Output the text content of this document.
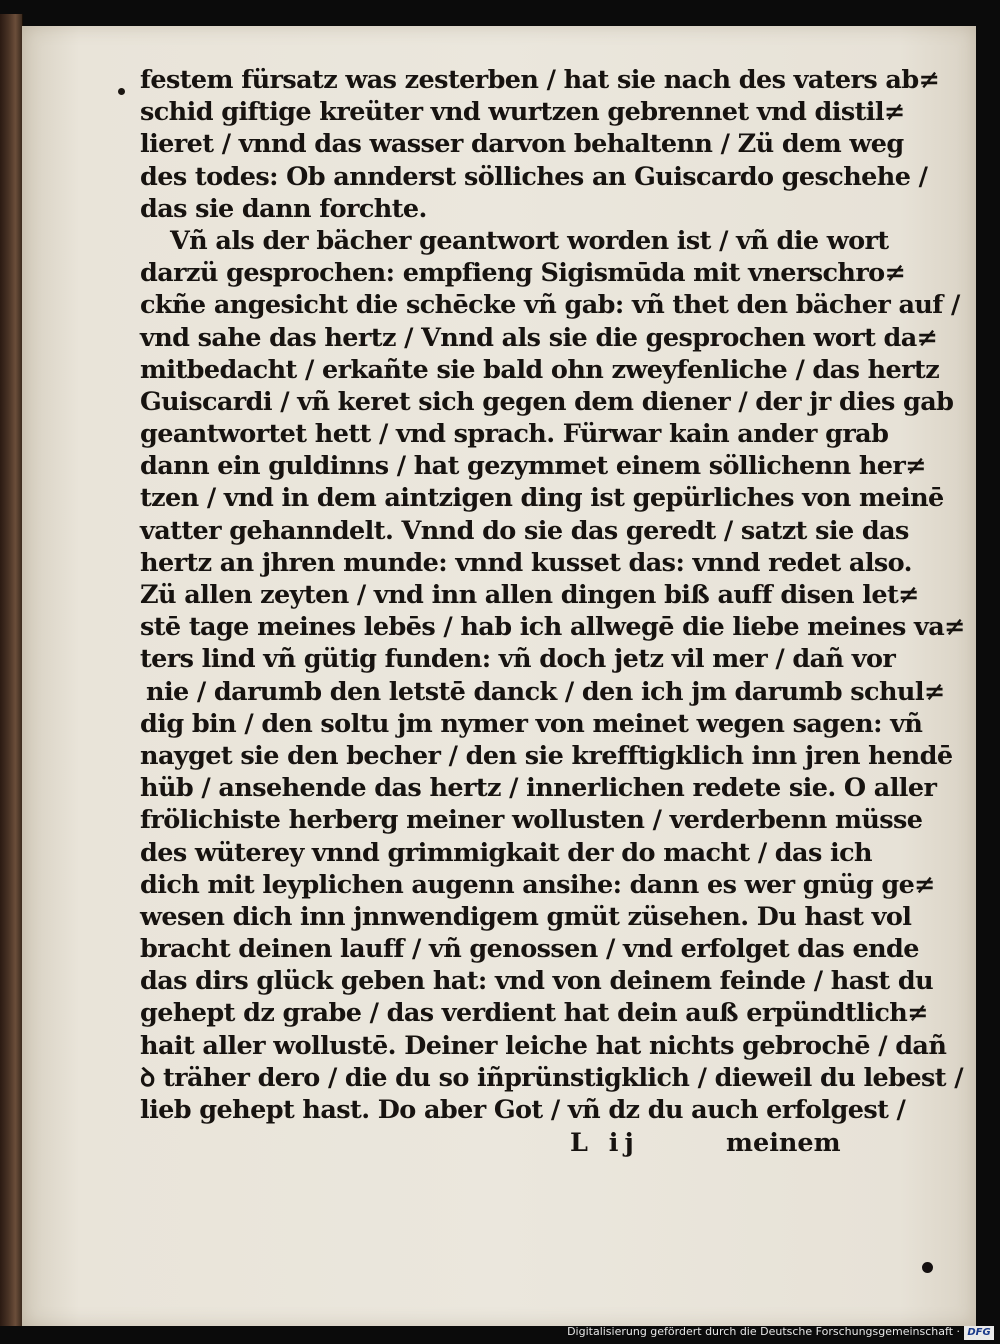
festem fürsatz was zesterben / hat sie nach des vaters ab≠
schid giftige kreüter vnd wurtzen gebrennet vnd distil≠
lieret / vnnd das wasser darvon behaltenn / Zü dem weg
des todes: Ob annderst sölliches an Guiscardo geschehe /
das sie dann forchte.
Vñ als der bächer geantwort worden ist / vñ die wort
darzü gesprochen: empfieng Sigismūda mit vnerschro≠
ckñe angesicht die schēcke vñ gab: vñ thet den bächer auf /
vnd sahe das hertz / Vnnd als sie die gesprochen wort da≠
mitbedacht / erkañte sie bald ohn zweyfenliche / das hertz
Guiscardi / vñ keret sich gegen dem diener / der jr dies gab
geantwortet hett / vnd sprach. Fürwar kain ander grab
dann ein guldinns / hat gezymmet einem söllichenn her≠
tzen / vnd in dem aintzigen ding ist gepürliches von meinē
vatter gehanndelt. Vnnd do sie das geredt / satzt sie das
hertz an jhren munde: vnnd kusset das: vnnd redet also.
Zü allen zeyten / vnd inn allen dingen biß auff disen let≠
stē tage meines lebēs / hab ich allwegē die liebe meines va≠
ters lind vñ gütig funden: vñ doch jetz vil mer / dañ vor
nie / darumb den letstē danck / den ich jm darumb schul≠
dig bin / den soltu jm nymer von meinet wegen sagen: vñ
nayget sie den becher / den sie krefftigklich inn jren hendē
hüb / ansehende das hertz / innerlichen redete sie. O aller
frölichiste herberg meiner wollusten / verderbenn müsse
des wüterey vnnd grimmigkait der do macht / das ich
dich mit leyplichen augenn ansihe: dann es wer gnüg ge≠
wesen dich inn jnnwendigem gmüt züsehen. Du hast vol
bracht deinen lauff / vñ genossen / vnd erfolget das ende
das dirs glück geben hat: vnd von deinem feinde / hast du
gehept dz grabe / das verdient hat dein auß erpündtlich≠
hait aller wollustē. Deiner leiche hat nichts gebrochē / dañ
ꝺ träher dero / die du so iñprünstigklich / dieweil du lebest /
lieb gehept hast. Do aber Got / vñ dz du auch erfolgest /
L ij	meinem
Digitalisierung gefördert durch die Deutsche Forschungsgemeinschaft · DFG
